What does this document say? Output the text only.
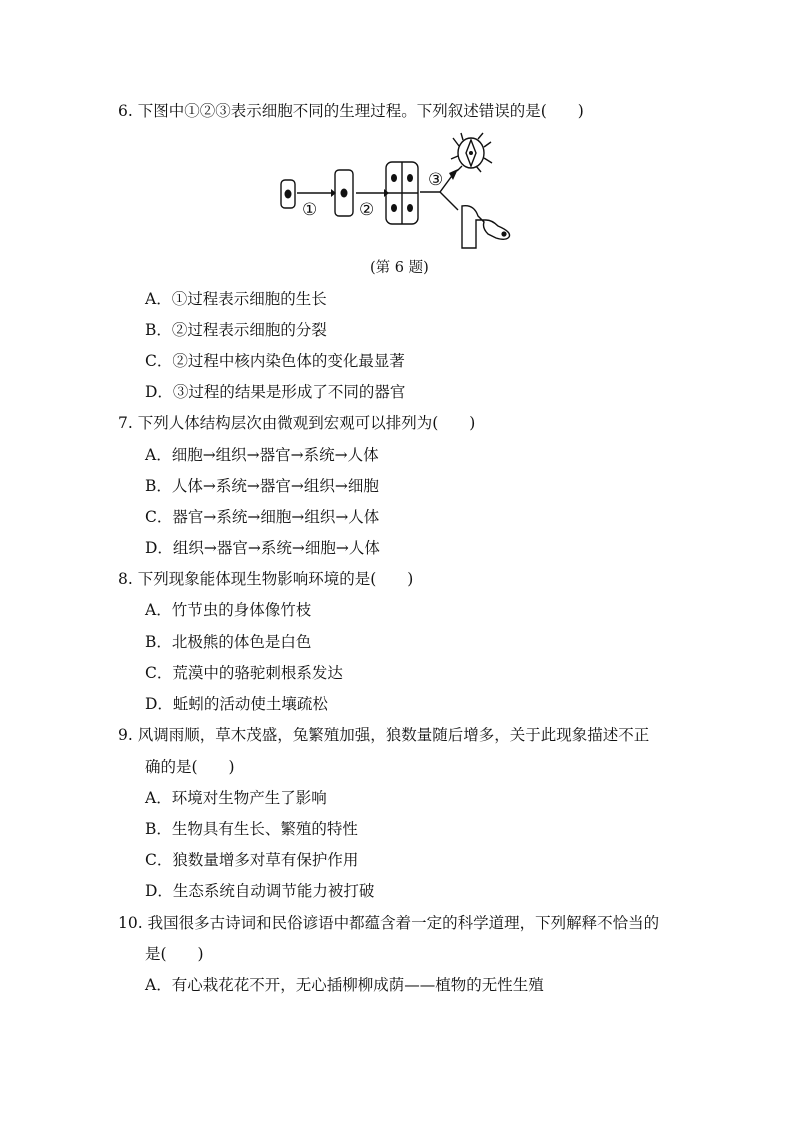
6. 下图中①②③表示细胞不同的生理过程。下列叙述错误的是(　　)
① ②
③
(第 6 题)
A．①过程表示细胞的生长
B．②过程表示细胞的分裂
C．②过程中核内染色体的变化最显著
D．③过程的结果是形成了不同的器官
7. 下列人体结构层次由微观到宏观可以排列为(　　)
A．细胞→组织→器官→系统→人体
B．人体→系统→器官→组织→细胞
C．器官→系统→细胞→组织→人体
D．组织→器官→系统→细胞→人体
8. 下列现象能体现生物影响环境的是(　　)
A．竹节虫的身体像竹枝
B．北极熊的体色是白色
C．荒漠中的骆驼刺根系发达
D．蚯蚓的活动使土壤疏松
9. 风调雨顺，草木茂盛，兔繁殖加强，狼数量随后增多，关于此现象描述不正
确的是(　　)
A．环境对生物产生了影响
B．生物具有生长、繁殖的特性
C．狼数量增多对草有保护作用
D．生态系统自动调节能力被打破
10. 我国很多古诗词和民俗谚语中都蕴含着一定的科学道理，下列解释不恰当的
是(　　)
A．有心栽花花不开，无心插柳柳成荫——植物的无性生殖
